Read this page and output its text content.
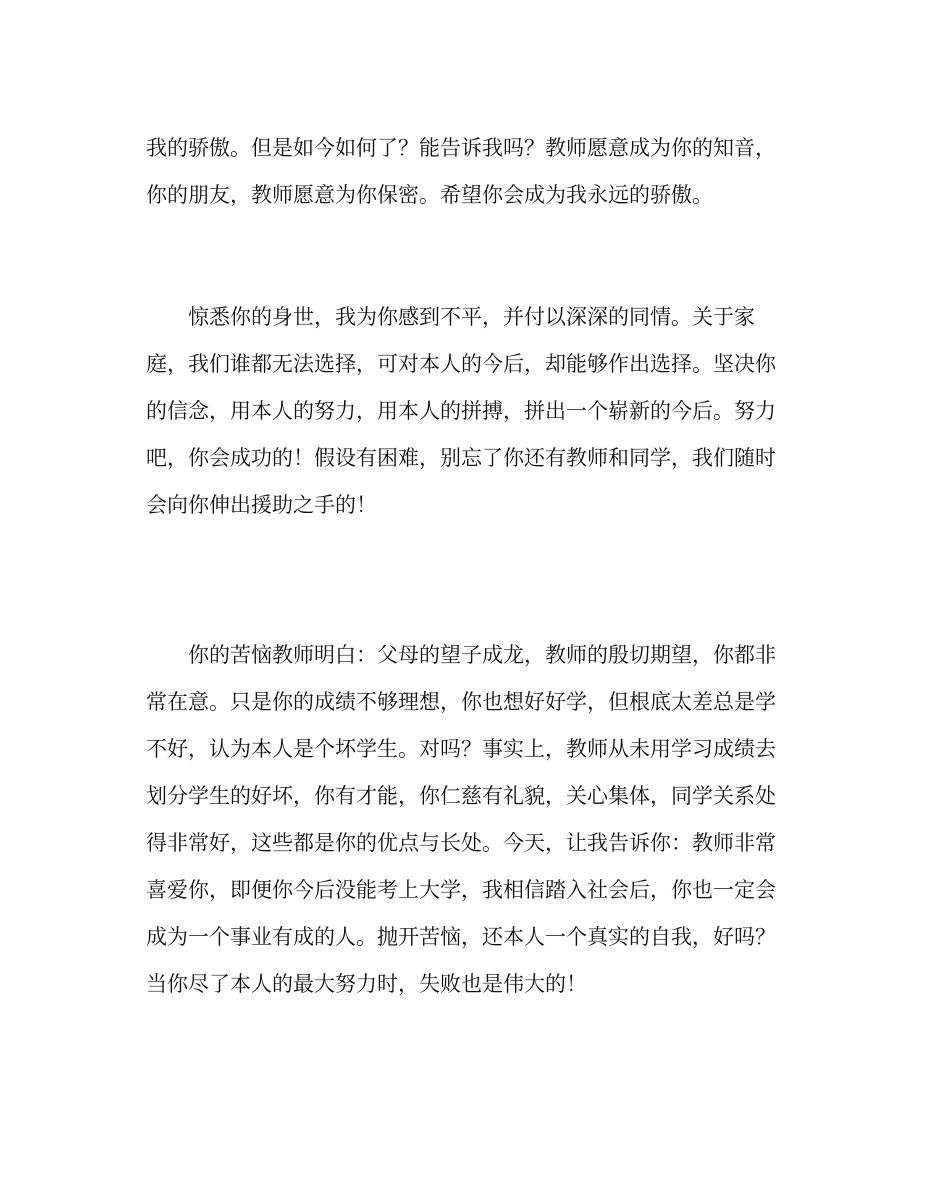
我的骄傲。但是如今如何了？能告诉我吗？教师愿意成为你的知音，
你的朋友，教师愿意为你保密。希望你会成为我永远的骄傲。

惊悉你的身世，我为你感到不平，并付以深深的同情。关于家
庭，我们谁都无法选择，可对本人的今后，却能够作出选择。坚决你
的信念，用本人的努力，用本人的拼搏，拼出一个崭新的今后。努力
吧，你会成功的！假设有困难，别忘了你还有教师和同学，我们随时
会向你伸出援助之手的！

你的苦恼教师明白：父母的望子成龙，教师的殷切期望，你都非
常在意。只是你的成绩不够理想，你也想好好学，但根底太差总是学
不好，认为本人是个坏学生。对吗？事实上，教师从未用学习成绩去
划分学生的好坏，你有才能，你仁慈有礼貌，关心集体，同学关系处
得非常好，这些都是你的优点与长处。今天，让我告诉你：教师非常
喜爱你，即便你今后没能考上大学，我相信踏入社会后，你也一定会
成为一个事业有成的人。抛开苦恼，还本人一个真实的自我，好吗？
当你尽了本人的最大努力时，失败也是伟大的！
